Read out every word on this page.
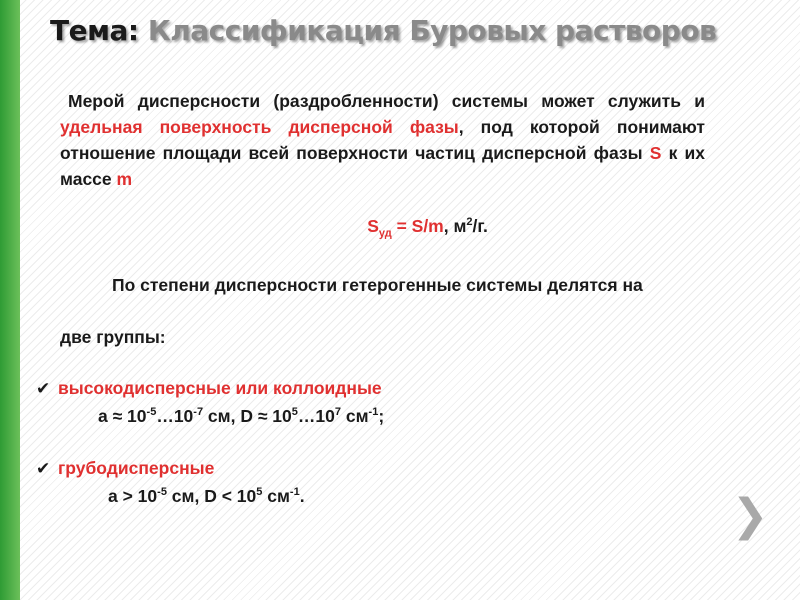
Тема: Классификация Буровых растворов
Мерой дисперсности (раздробленности) системы может служить и удельная поверхность дисперсной фазы, под которой понимают отношение площади всей поверхности частиц дисперсной фазы S к их массе m
$S_{уд} = S/m$, $м^2/г$.
По степени дисперсности гетерогенные системы делятся на
две группы:
✔ высокодисперсные или коллоидные
$a \approx 10^{-5}\dots 10^{-7}$ см, $D \approx 10^5\dots 10^7$ $см^{-1}$;
✔ грубодисперсные
$a > 10^{-5}$ см, $D < 10^5$ $см^{-1}$.	❯
